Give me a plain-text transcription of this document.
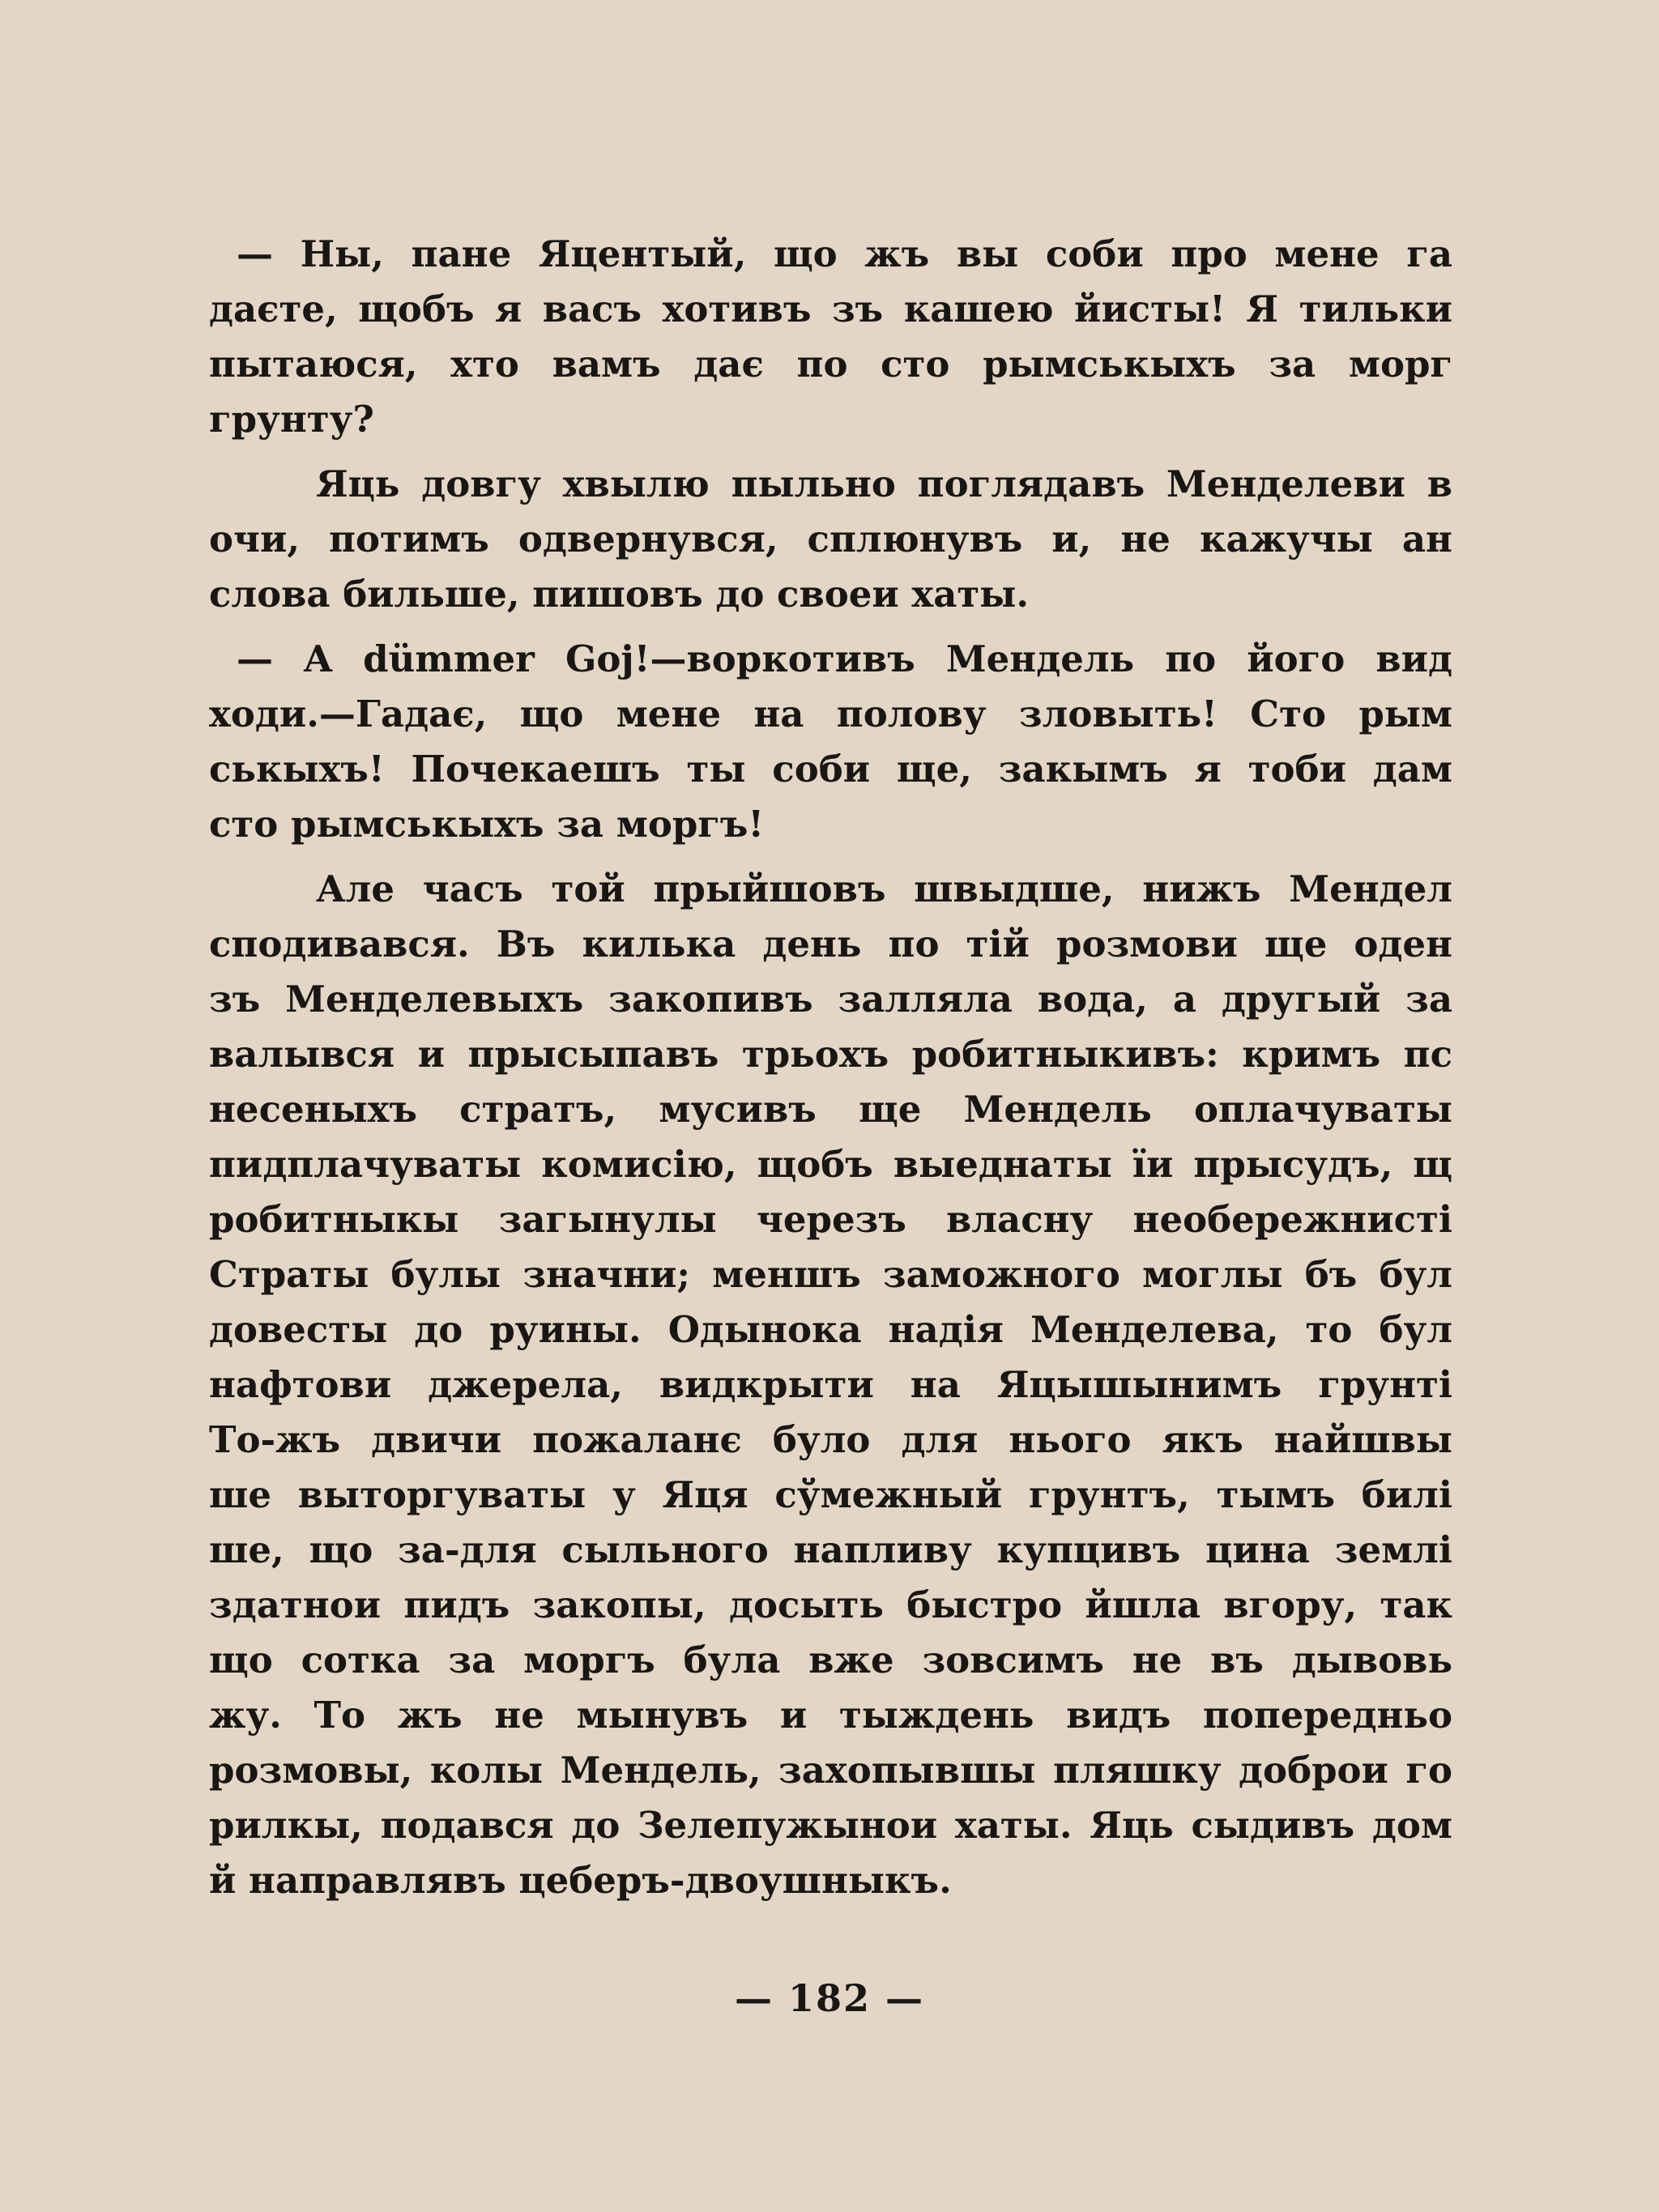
— Ны, пане Яцентый, що жъ вы соби про мене га
даєте, щобъ я васъ хотивъ зъ кашею йисты! Я тильки
пытаюся, хто вамъ дає по сто рымськыхъ за морг
грунту?
Яць довгу хвылю пыльно поглядавъ Менделеви в
очи, потимъ одвернувся, сплюнувъ и, не кажучы ан
слова бильше, пишовъ до своеи хаты.
— A dümmer Goj!—воркотивъ Мендель по його вид
ходи.—Гадає, що мене на полову зловыть! Сто рым
ськыхъ! Почекаешъ ты соби ще, закымъ я тоби дам
сто рымськыхъ за моргъ!
Але часъ той прыйшовъ швыдше, нижъ Мендел
сподивався. Въ килька день по тій розмови ще оден
зъ Менделевыхъ закопивъ залляла вода, а другый за
валывся и прысыпавъ трьохъ робитныкивъ: кримъ пс
несеныхъ стратъ, мусивъ ще Мендель оплачуваты
пидплачуваты комисію, щобъ выеднаты ïи прысудъ, щ
робитныкы загынулы черезъ власну необережнисті
Страты булы значни; меншъ заможного моглы бъ бул
довесты до руины. Одынока надія Менделева, то бул
нафтови джерела, видкрыти на Яцышынимъ грунті
То-жъ двичи пожаланє було для нього якъ найшвы
ше выторгуваты у Яця сўмежный грунтъ, тымъ билі
ше, що за-для сыльного напливу купцивъ цина землі
здатнои пидъ закопы, досыть быстро йшла вгору, так
що сотка за моргъ була вже зовсимъ не въ дывовь
жу. То жъ не мынувъ и тыждень видъ попередньо
розмовы, колы Мендель, захопывшы пляшку доброи го
рилкы, подався до Зелепужынои хаты. Яць сыдивъ дом
й направлявъ цеберъ-двоушныкъ.
— 182 —
